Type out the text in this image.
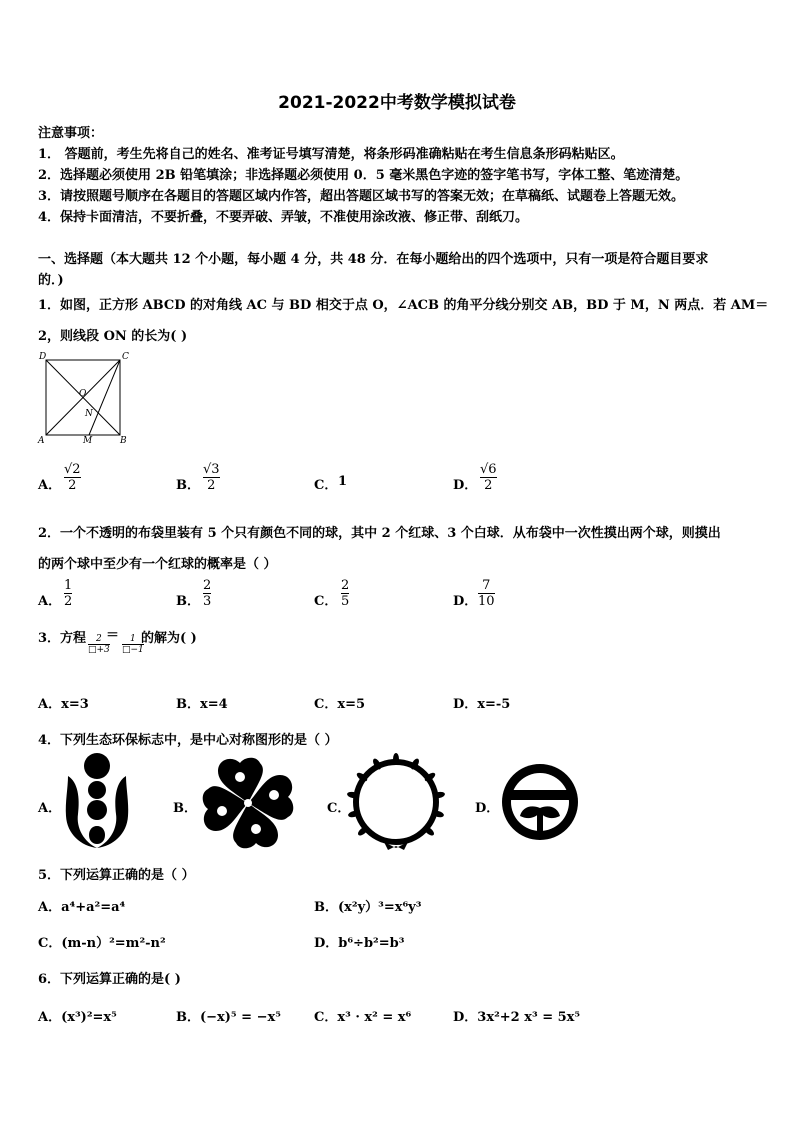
2021-2022中考数学模拟试卷
注意事项：
1． 答题前，考生先将自己的姓名、准考证号填写清楚，将条形码准确粘贴在考生信息条形码粘贴区。
2．选择题必须使用 2B 铅笔填涂；非选择题必须使用 0．5 毫米黑色字迹的签字笔书写，字体工整、笔迹清楚。
3．请按照题号顺序在各题目的答题区域内作答，超出答题区域书写的答案无效；在草稿纸、试题卷上答题无效。
4．保持卡面清洁，不要折叠，不要弄破、弄皱，不准使用涂改液、修正带、刮纸刀。
一、选择题（本大题共 12 个小题，每小题 4 分，共 48 分．在每小题给出的四个选项中，只有一项是符合题目要求
的．)
1．如图，正方形 ABCD 的对角线 AC 与 BD 相交于点 O，∠ACB 的角平分线分别交 AB，BD 于 M，N 两点．若 AM＝
2，则线段 ON 的长为( )
D	C
O
N
A	M	B
A．
√2
2	B．
√3
2	C． 1	D．
√6
2
2．一个不透明的布袋里装有 5 个只有颜色不同的球，其中 2 个红球、3 个白球．从布袋中一次性摸出两个球，则摸出
的两个球中至少有一个红球的概率是（ ）
A．
1
2	B．
2
3	C．
2
5	D．
7
10
3．方程 2
□+3
＝ 1
□−1
的解为( )
A．x=3	B．x=4	C．x=5	D．x=-5
4．下列生态环保标志中，是中心对称图形的是（ ）
A．	B．	C．	D．
5．下列运算正确的是（ ）
A．a⁴+a²=a⁴	B．(x²y）³=x⁶y³
C．(m-n）²=m²-n²	D．b⁶÷b²=b³
6．下列运算正确的是( )
A．(x³)²=x⁵	B．(−x)⁵ = −x⁵	C．x³ · x² = x⁶	D．3x²+2 x³ = 5x⁵
